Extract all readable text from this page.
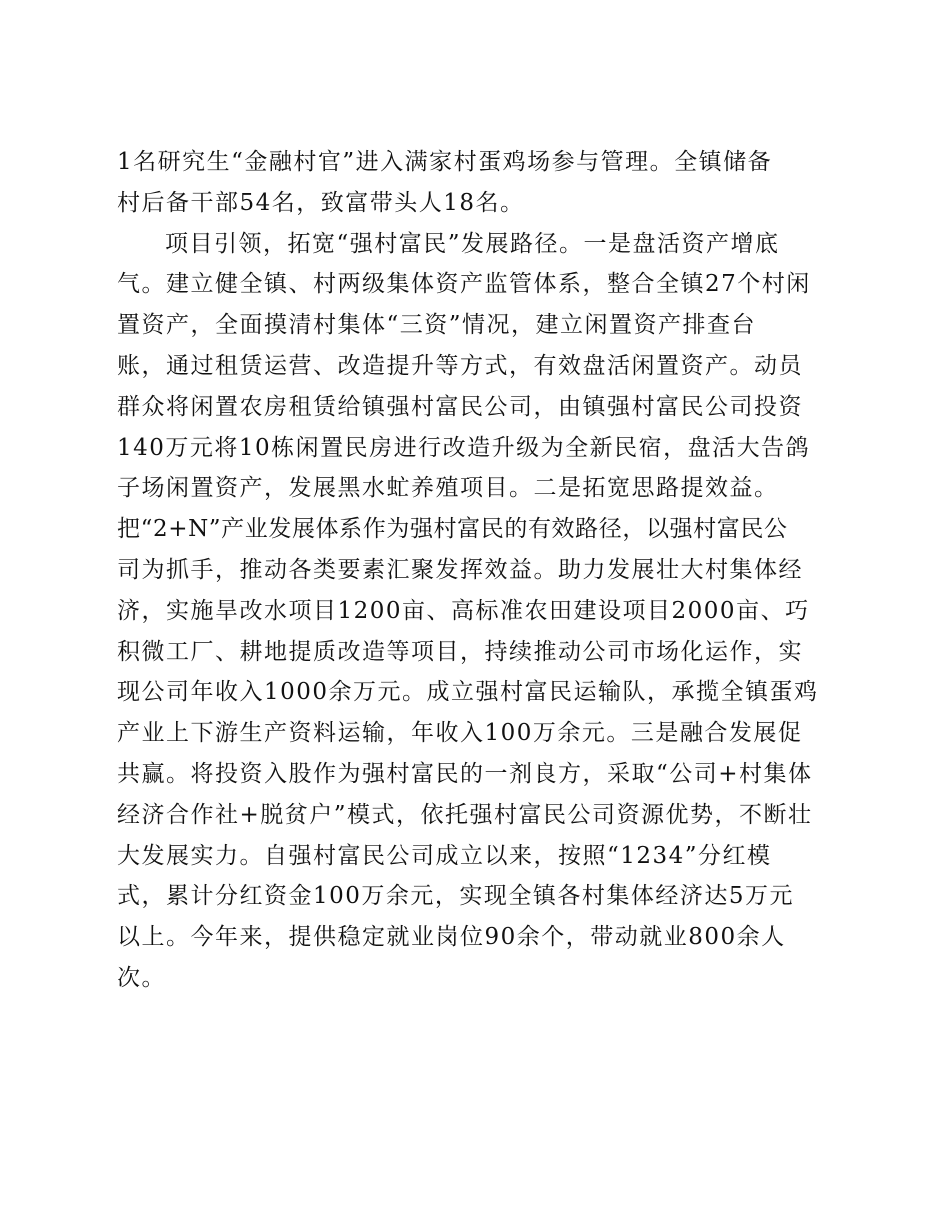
1名研究生“金融村官”进入满家村蛋鸡场参与管理。全镇储备
村后备干部54名，致富带头人18名。
项目引领，拓宽“强村富民”发展路径。一是盘活资产增底
气。建立健全镇、村两级集体资产监管体系，整合全镇27个村闲
置资产，全面摸清村集体“三资”情况，建立闲置资产排查台
账，通过租赁运营、改造提升等方式，有效盘活闲置资产。动员
群众将闲置农房租赁给镇强村富民公司，由镇强村富民公司投资
140万元将10栋闲置民房进行改造升级为全新民宿，盘活大告鸽
子场闲置资产，发展黑水虻养殖项目。二是拓宽思路提效益。
把“2+N”产业发展体系作为强村富民的有效路径，以强村富民公
司为抓手，推动各类要素汇聚发挥效益。助力发展壮大村集体经
济，实施旱改水项目1200亩、高标准农田建设项目2000亩、巧
积微工厂、耕地提质改造等项目，持续推动公司市场化运作，实
现公司年收入1000余万元。成立强村富民运输队，承揽全镇蛋鸡
产业上下游生产资料运输，年收入100万余元。三是融合发展促
共赢。将投资入股作为强村富民的一剂良方，采取“公司+村集体
经济合作社+脱贫户”模式，依托强村富民公司资源优势，不断壮
大发展实力。自强村富民公司成立以来，按照“1234”分红模
式，累计分红资金100万余元，实现全镇各村集体经济达5万元
以上。今年来，提供稳定就业岗位90余个，带动就业800余人
次。
